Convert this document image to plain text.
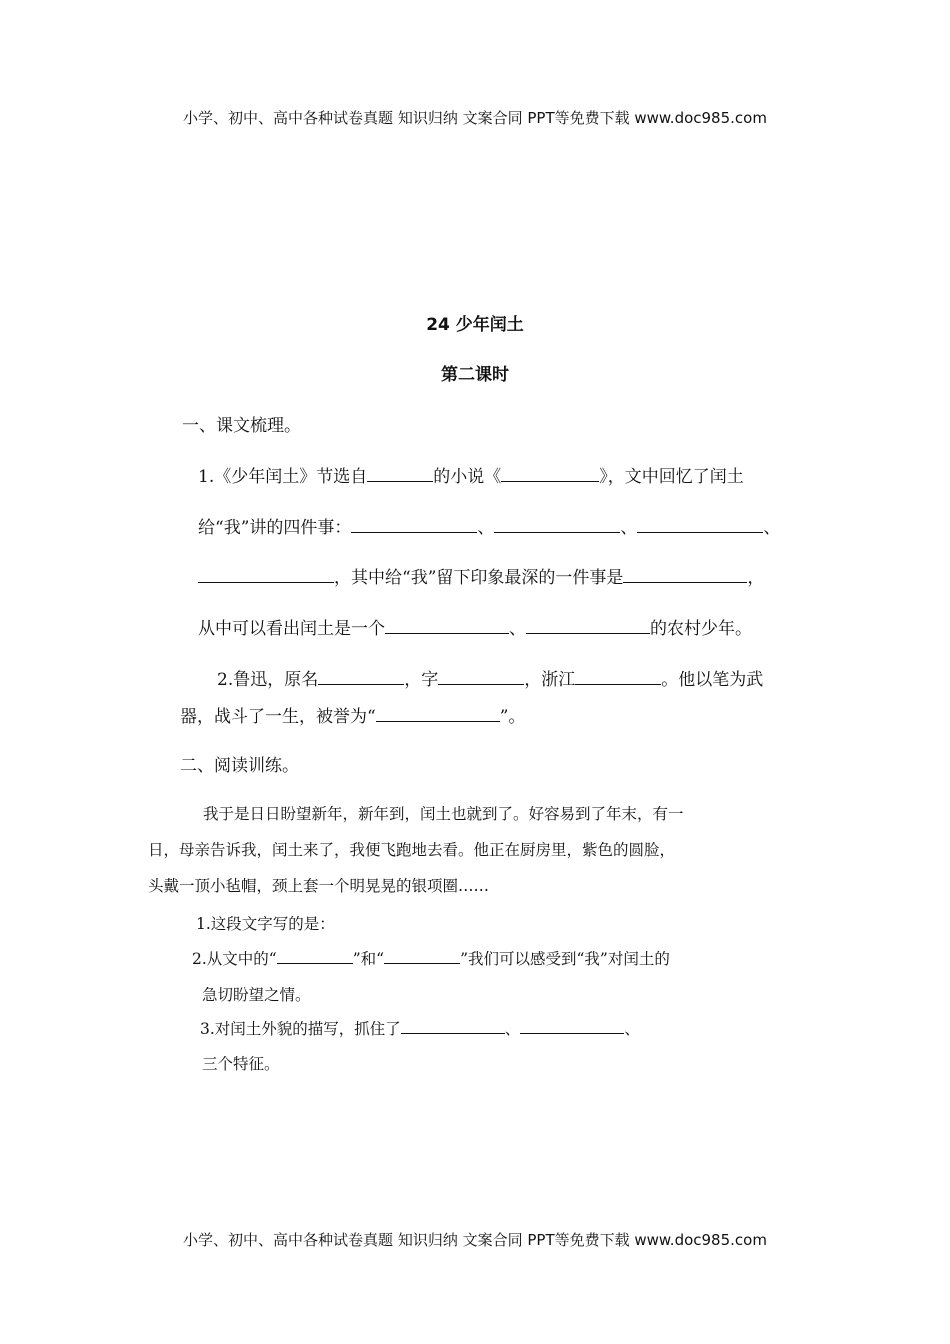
小学、初中、高中各种试卷真题 知识归纳 文案合同 PPT等免费下载 www.doc985.com
24 少年闰土
第二课时
一、课文梳理。
1.《少年闰土》节选自	的小说《	》，文中回忆了闰土
给“我”讲的四件事：	、	、	、
，其中给“我”留下印象最深的一件事是	，
从中可以看出闰土是一个	、	的农村少年。
2.鲁迅，原名	，字	，浙江	。他以笔为武
器，战斗了一生，被誉为“	”。
二、阅读训练。
我于是日日盼望新年，新年到，闰土也就到了。好容易到了年末，有一
日，母亲告诉我，闰土来了，我便飞跑地去看。他正在厨房里，紫色的圆脸，
头戴一顶小毡帽，颈上套一个明晃晃的银项圈……
1.这段文字写的是：
2.从文中的“	”和“	”我们可以感受到“我”对闰土的
急切盼望之情。
3.对闰土外貌的描写，抓住了	、	、
三个特征。
小学、初中、高中各种试卷真题 知识归纳 文案合同 PPT等免费下载 www.doc985.com
